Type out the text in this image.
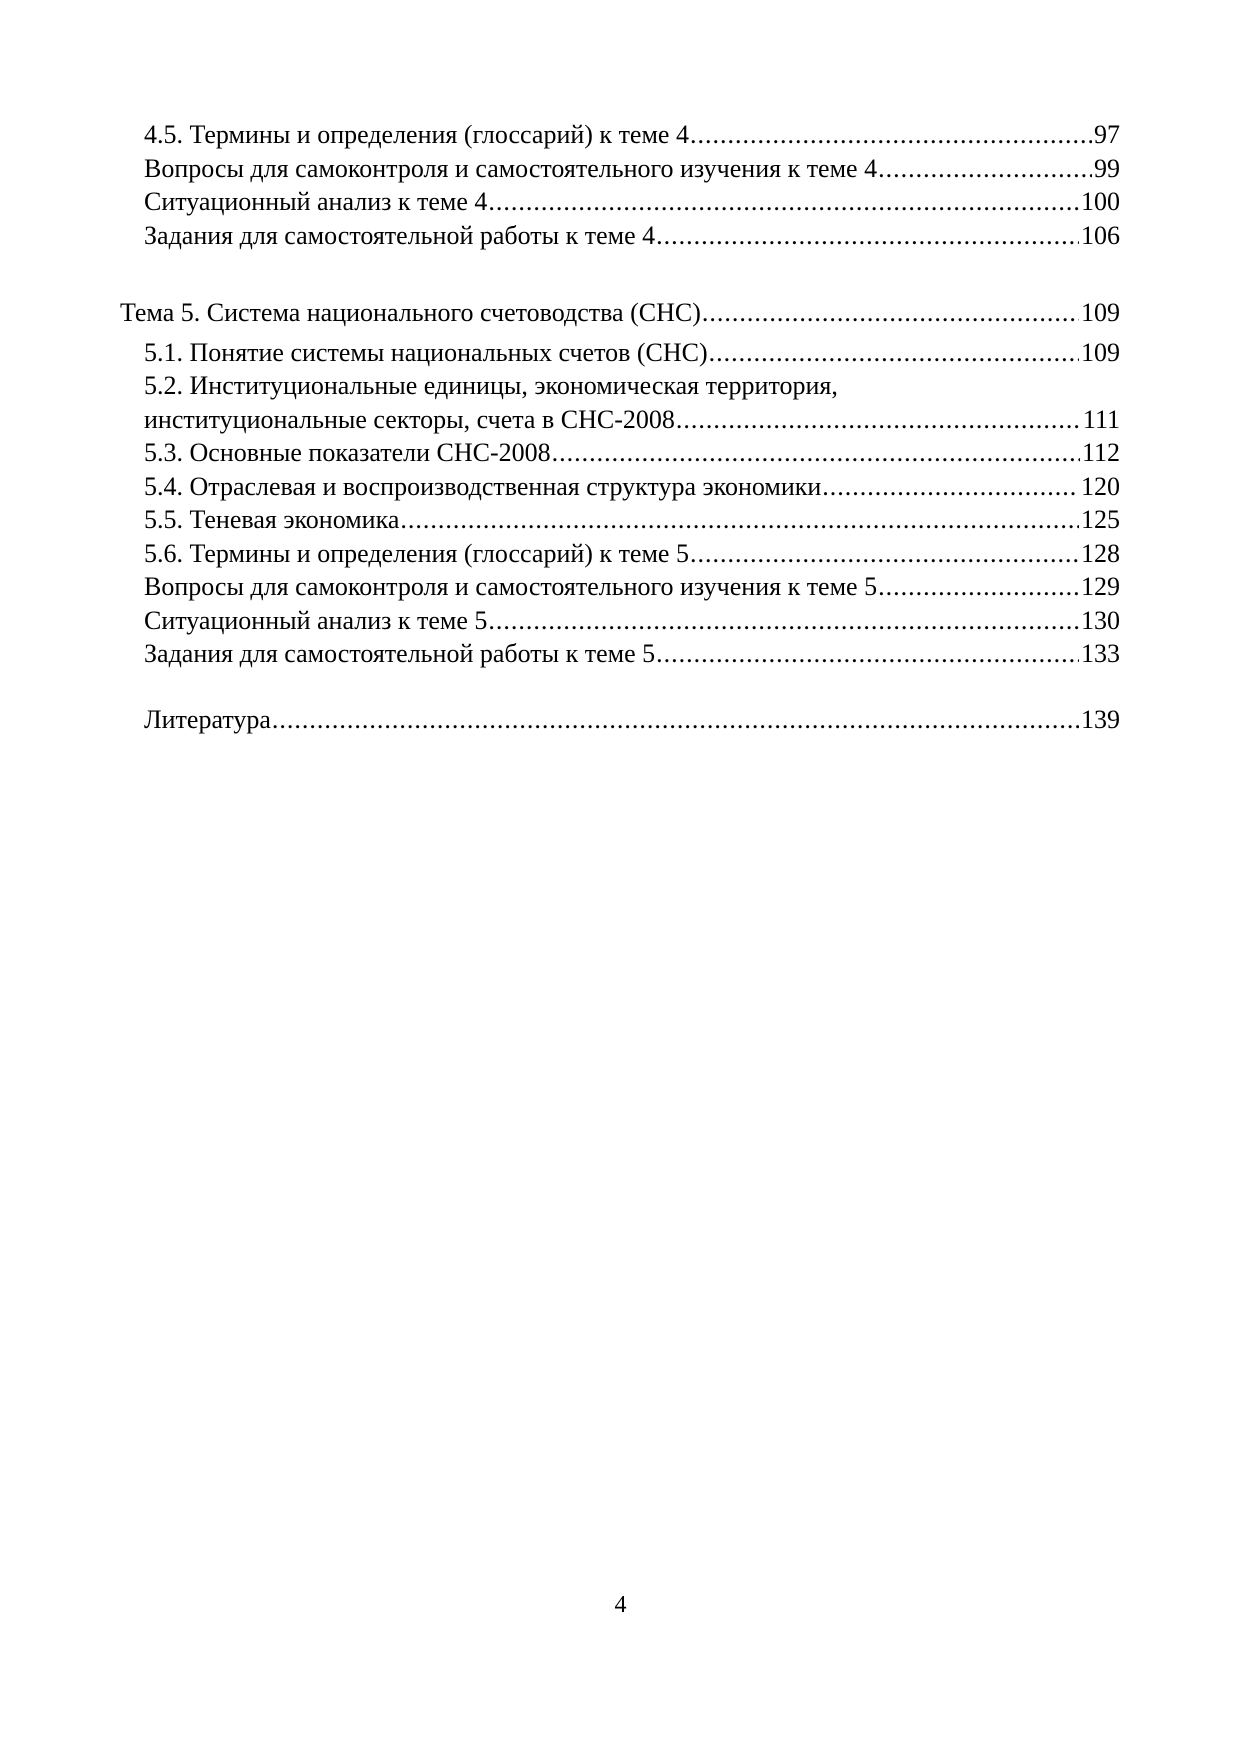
4.5. Термины и определения (глоссарий) к теме 4 .....	97
Вопросы для самоконтроля и самостоятельного изучения к теме 4 .....	99
Ситуационный анализ к теме 4 .....	100
Задания для самостоятельной работы к теме 4 .....	106
Тема 5. Система национального счетоводства (СНС) .....	109
5.1. Понятие системы национальных счетов (СНС) .....	109
5.2. Институциональные единицы, экономическая территория,
институциональные секторы, счета в СНС-2008 .....	111
5.3. Основные показатели СНС-2008 .....	112
5.4. Отраслевая и воспроизводственная структура экономики .....	120
5.5. Теневая экономика .....	125
5.6. Термины и определения (глоссарий) к теме 5 .....	128
Вопросы для самоконтроля и самостоятельного изучения к теме 5 .....	129
Ситуационный анализ к теме 5 .....	130
Задания для самостоятельной работы к теме 5 .....	133
Литература .....	139
4
